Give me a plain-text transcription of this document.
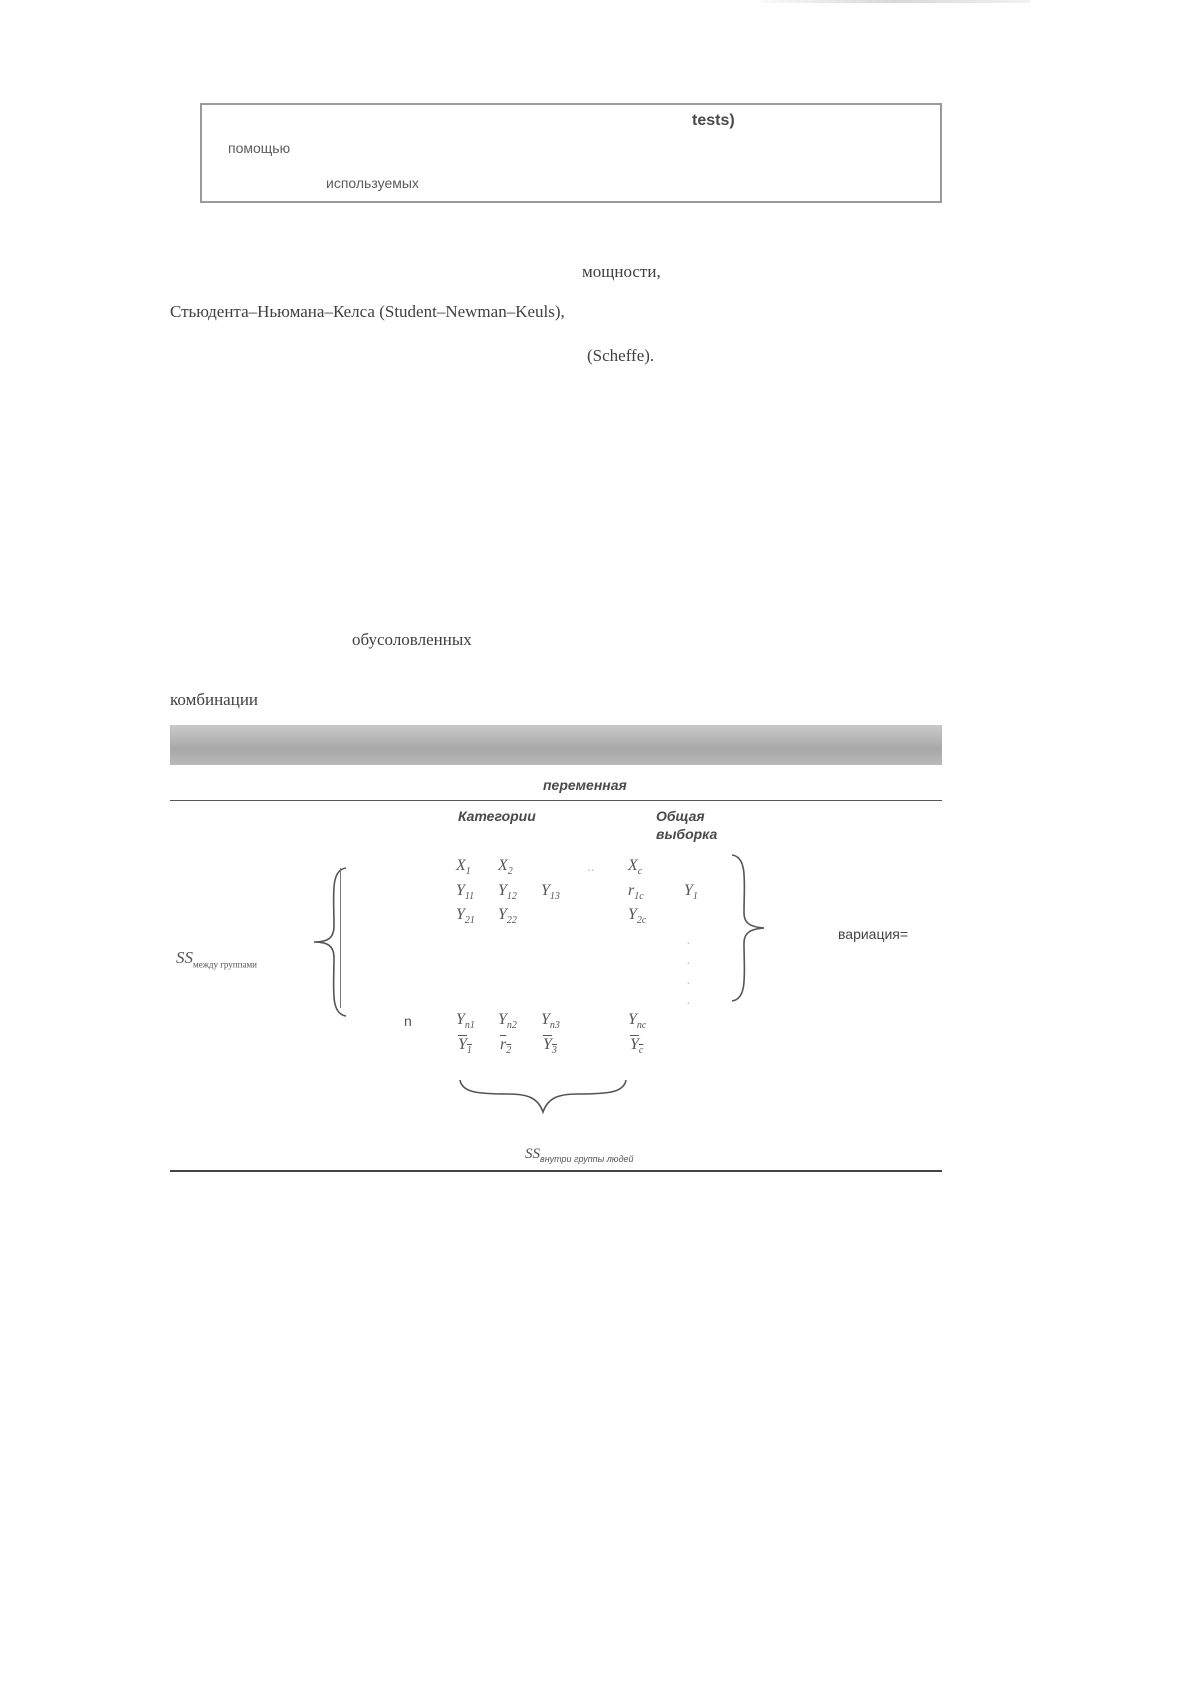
tests)
помощью
используемых
мощности,
Стьюдента–Ньюмана–Келса (Student–Newman–Keuls),
(Scheffe).
обусоловленных
комбинации
переменная
Категории	Общая
выборка
$X_1$ $X_2$	.. $X_c$
$Y_{11}$ $Y_{12}$ $Y_{13}$	$r_{1c}$	$Y_1$
$Y_{21}$ $Y_{22}$	$Y_{2c}$
·
·
·
·
$SS_{между группами}$
вариация=
n	$Y_{n1}$ $Y_{n2}$ $Y_{n3}$	$Y_{nc}$
$Y_1$ $r_2$ $Y_3$	$Y_c$
$SS_{внутри группы людей}$
